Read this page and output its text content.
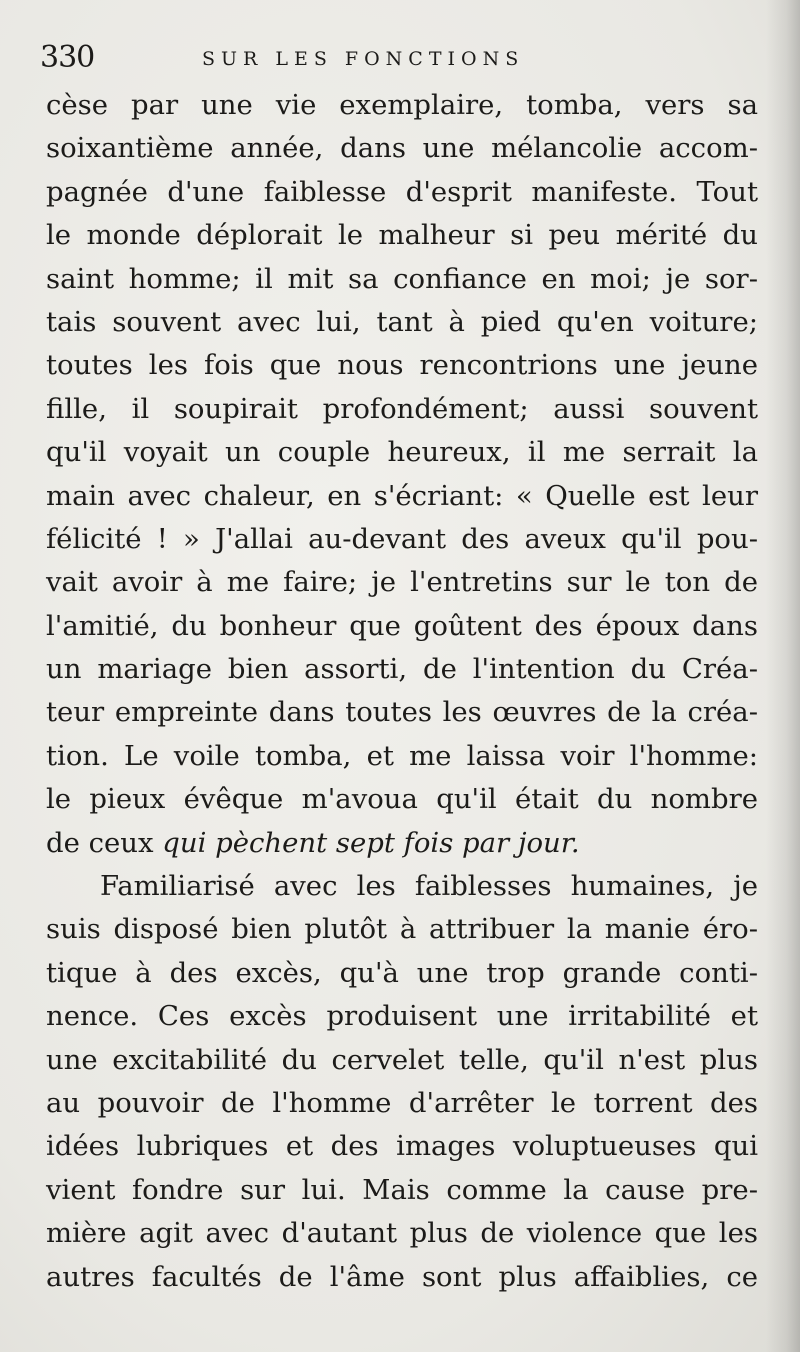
330	SUR LES FONCTIONS
cèse par une vie exemplaire, tomba, vers sa
soixantième année, dans une mélancolie accom-
pagnée d'une faiblesse d'esprit manifeste. Tout
le monde déplorait le malheur si peu mérité du
saint homme; il mit sa confiance en moi; je sor-
tais souvent avec lui, tant à pied qu'en voiture;
toutes les fois que nous rencontrions une jeune
fille, il soupirait profondément; aussi souvent
qu'il voyait un couple heureux, il me serrait la
main avec chaleur, en s'écriant: « Quelle est leur
félicité ! » J'allai au-devant des aveux qu'il pou-
vait avoir à me faire; je l'entretins sur le ton de
l'amitié, du bonheur que goûtent des époux dans
un mariage bien assorti, de l'intention du Créa-
teur empreinte dans toutes les œuvres de la créa-
tion. Le voile tomba, et me laissa voir l'homme:
le pieux évêque m'avoua qu'il était du nombre
de ceux qui pèchent sept fois par jour.
Familiarisé avec les faiblesses humaines, je
suis disposé bien plutôt à attribuer la manie éro-
tique à des excès, qu'à une trop grande conti-
nence. Ces excès produisent une irritabilité et
une excitabilité du cervelet telle, qu'il n'est plus
au pouvoir de l'homme d'arrêter le torrent des
idées lubriques et des images voluptueuses qui
vient fondre sur lui. Mais comme la cause pre-
mière agit avec d'autant plus de violence que les
autres facultés de l'âme sont plus affaiblies, ce
